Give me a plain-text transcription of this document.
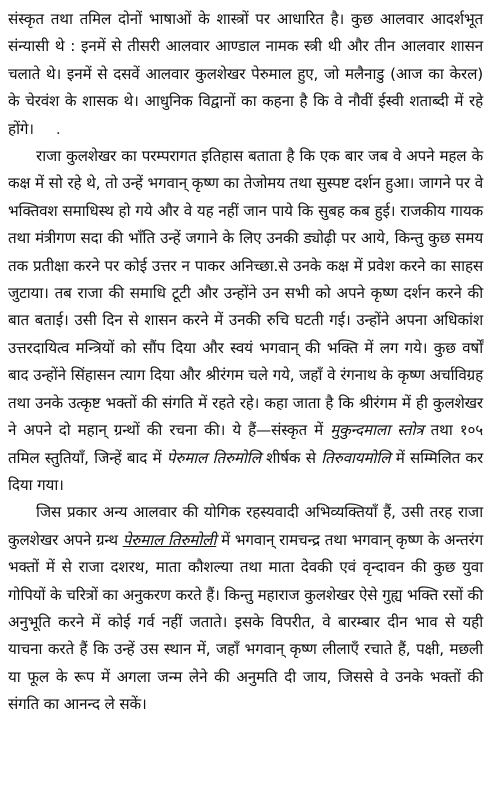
संस्कृत तथा तमिल दोनों भाषाओं के शास्त्रों पर आधारित है। कुछ आलवार आदर्शभूत संन्यासी थे : इनमें से तीसरी आलवार आण्डाल नामक स्त्री थी और तीन आलवार शासन चलाते थे। इनमें से दसवें आलवार कुलशेखर पेरुमाल हुए, जो मलैनाडु (आज का केरल) के चेरवंश के शासक थे। आधुनिक विद्वानों का कहना है कि वे नौवीं ईस्वी शताब्दी में रहे होंगे। .

राजा कुलशेखर का परम्परागत इतिहास बताता है कि एक बार जब वे अपने महल के कक्ष में सो रहे थे, तो उन्हें भगवान् कृष्ण का तेजोमय तथा सुस्पष्ट दर्शन हुआ। जागने पर वे भक्तिवश समाधिस्थ हो गये और वे यह नहीं जान पाये कि सुबह कब हुई। राजकीय गायक तथा मंत्रीगण सदा की भाँति उन्हें जगाने के लिए उनकी ड्योढ़ी पर आये, किन्तु कुछ समय तक प्रतीक्षा करने पर कोई उत्तर न पाकर अनिच्छा.से उनके कक्ष में प्रवेश करने का साहस जुटाया। तब राजा की समाधि टूटी और उन्होंने उन सभी को अपने कृष्ण दर्शन करने की बात बताई। उसी दिन से शासन करने में उनकी रुचि घटती गई। उन्होंने अपना अधिकांश उत्तरदायित्व मन्त्रियों को सौंप दिया और स्वयं भगवान् की भक्ति में लग गये। कुछ वर्षों बाद उन्होंने सिंहासन त्याग दिया और श्रीरंगम चले गये, जहाँ वे रंगनाथ के कृष्ण अर्चाविग्रह तथा उनके उत्कृष्ट भक्तों की संगति में रहते रहे। कहा जाता है कि श्रीरंगम में ही कुलशेखर ने अपने दो महान् ग्रन्थों की रचना की। ये हैं—संस्कृत में मुकुन्दमाला स्तोत्र तथा १०५ तमिल स्तुतियाँ, जिन्हें बाद में पेरुमाल तिरुमोलि शीर्षक से तिरुवायमोलि में सम्मिलित कर दिया गया।

जिस प्रकार अन्य आलवार की योगिक रहस्यवादी अभिव्यक्तियाँ हैं, उसी तरह राजा कुलशेखर अपने ग्रन्थ पेरुमाल तिरुमोली में भगवान् रामचन्द्र तथा भगवान् कृष्ण के अन्तरंग भक्तों में से राजा दशरथ, माता कौशल्या तथा माता देवकी एवं वृन्दावन की कुछ युवा गोपियों के चरित्रों का अनुकरण करते हैं। किन्तु महाराज कुलशेखर ऐसे गुह्य भक्ति रसों की अनुभूति करने में कोई गर्व नहीं जताते। इसके विपरीत, वे बारम्बार दीन भाव से यही याचना करते हैं कि उन्हें उस स्थान में, जहाँ भगवान् कृष्ण लीलाएँ रचाते हैं, पक्षी, मछली या फूल के रूप में अगला जन्म लेने की अनुमति दी जाय, जिससे वे उनके भक्तों की संगति का आनन्द ले सकें।
